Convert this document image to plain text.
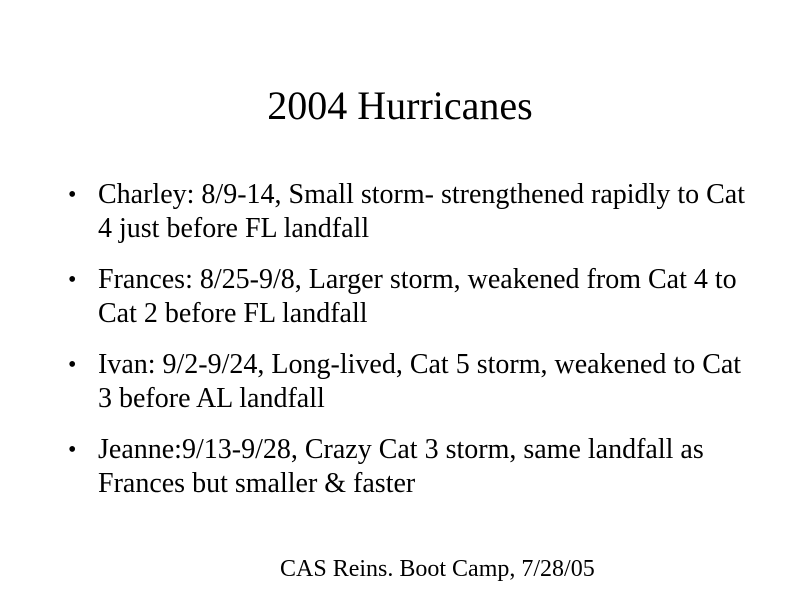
2004 Hurricanes
• Charley: 8/9-14, Small storm- strengthened rapidly to Cat 4 just before FL landfall
• Frances: 8/25-9/8, Larger storm, weakened from Cat 4 to Cat 2 before FL landfall
• Ivan: 9/2-9/24, Long-lived, Cat 5 storm, weakened to Cat 3 before AL landfall
• Jeanne:9/13-9/28, Crazy Cat 3 storm, same landfall as Frances but smaller & faster
CAS Reins. Boot Camp, 7/28/05
